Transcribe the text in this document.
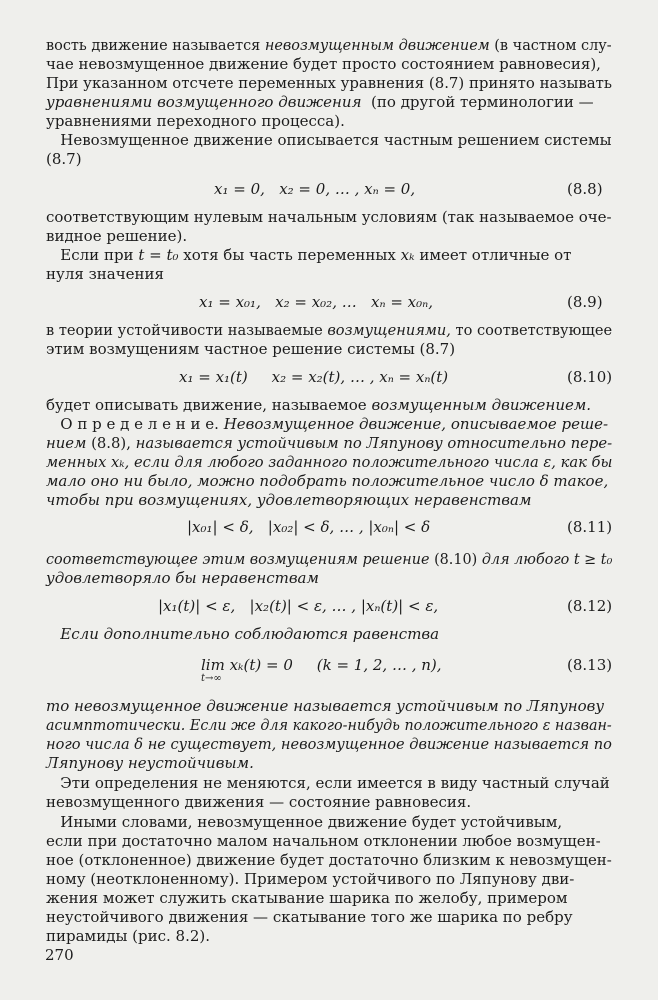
вость движение называется невозмущенным движением (в частном слу-
чае невозмущенное движение будет просто состоянием равновесия),
При указанном отсчете переменных уравнения (8.7) принято называть
уравнениями возмущенного движения  (по другой терминологии —
уравнениями переходного процесса).
Невозмущенное движение описывается частным решением системы
(8.7)
x₁ = 0,   x₂ = 0, … , xₙ = 0,	(8.8)
соответствующим нулевым начальным условиям (так называемое оче-
видное решение).
Если при t = t₀ хотя бы часть переменных xₖ имеет отличные от
нуля значения
x₁ = x₀₁,   x₂ = x₀₂, …   xₙ = x₀ₙ,	(8.9)
в теории устойчивости называемые возмущениями, то соответствующее
этим возмущениям частное решение системы (8.7)
x₁ = x₁(t)     x₂ = x₂(t), … , xₙ = xₙ(t)	(8.10)
будет описывать движение, называемое возмущенным движением.
О п р е д е л е н и е. Невозмущенное движение, описываемое реше-
нием (8.8), называется устойчивым по Ляпунову относительно пере-
менных xₖ, если для любого заданного положительного числа ε, как бы
мало оно ни было, можно подобрать положительное число δ такое,
чтобы при возмущениях, удовлетворяющих неравенствам
|x₀₁| < δ,   |x₀₂| < δ, … , |x₀ₙ| < δ	(8.11)
соответствующее этим возмущениям решение (8.10) для любого t ≥ t₀
удовлетворяло бы неравенствам
|x₁(t)| < ε,   |x₂(t)| < ε, … , |xₙ(t)| < ε,	(8.12)
Если дополнительно соблюдаются равенства
lim xₖ(t) = 0     (k = 1, 2, … , n),
t→∞
(8.13)
то невозмущенное движение называется устойчивым по Ляпунову
асимптотически. Если же для какого-нибудь положительного ε назван-
ного числа δ не существует, невозмущенное движение называется по
Ляпунову неустойчивым.
Эти определения не меняются, если имеется в виду частный случай
невозмущенного движения — состояние равновесия.
Иными словами, невозмущенное движение будет устойчивым,
если при достаточно малом начальном отклонении любое возмущен-
ное (отклоненное) движение будет достаточно близким к невозмущен-
ному (неотклоненному). Примером устойчивого по Ляпунову дви-
жения может служить скатывание шарика по желобу, примером
неустойчивого движения — скатывание того же шарика по ребру
пирамиды (рис. 8.2).
270
